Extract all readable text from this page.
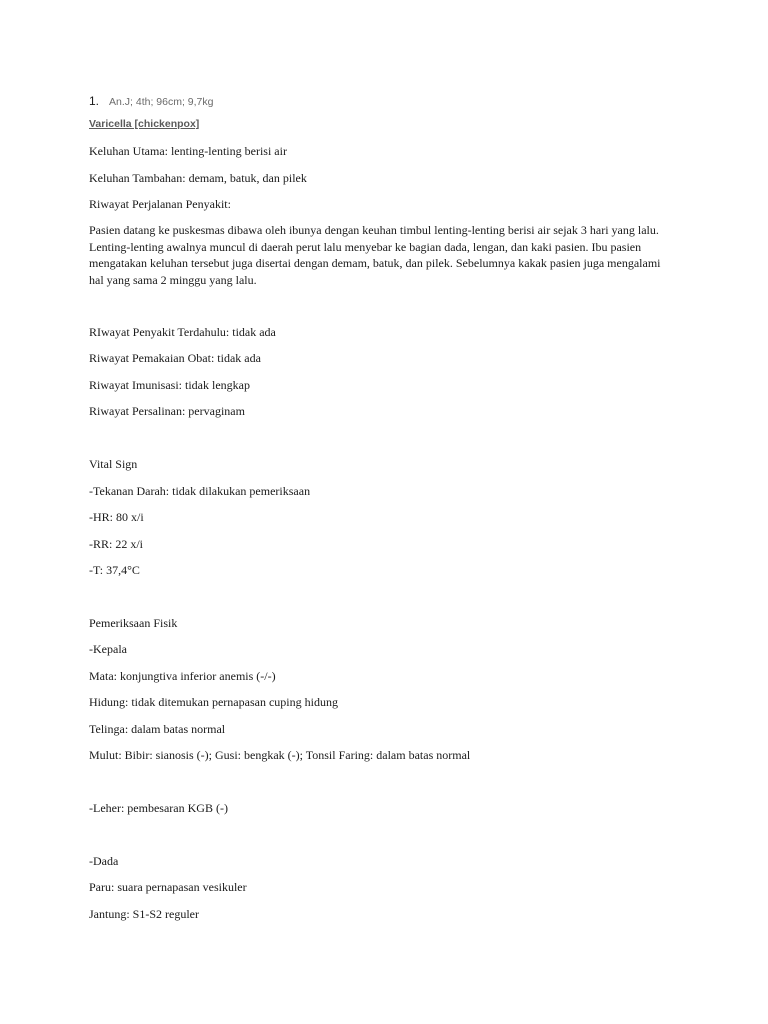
1. An.J; 4th; 96cm; 9,7kg
Varicella [chickenpox]
Keluhan Utama: lenting-lenting berisi air
Keluhan Tambahan: demam, batuk, dan pilek
Riwayat Perjalanan Penyakit:
Pasien datang ke puskesmas dibawa oleh ibunya dengan keuhan timbul lenting-lenting berisi air sejak 3 hari yang lalu. Lenting-lenting awalnya muncul di daerah perut lalu menyebar ke bagian dada, lengan, dan kaki pasien. Ibu pasien mengatakan keluhan tersebut juga disertai dengan demam, batuk, dan pilek. Sebelumnya kakak pasien juga mengalami hal yang sama 2 minggu yang lalu.
RIwayat Penyakit Terdahulu: tidak ada
Riwayat Pemakaian Obat: tidak ada
Riwayat Imunisasi: tidak lengkap
Riwayat Persalinan: pervaginam
Vital Sign
-Tekanan Darah: tidak dilakukan pemeriksaan
-HR: 80 x/i
-RR: 22 x/i
-T: 37,4°C
Pemeriksaan Fisik
-Kepala
Mata: konjungtiva inferior anemis (-/-)
Hidung: tidak ditemukan pernapasan cuping hidung
Telinga: dalam batas normal
Mulut: Bibir: sianosis (-); Gusi: bengkak (-); Tonsil Faring: dalam batas normal
-Leher: pembesaran KGB (-)
-Dada
Paru: suara pernapasan vesikuler
Jantung: S1-S2 reguler
